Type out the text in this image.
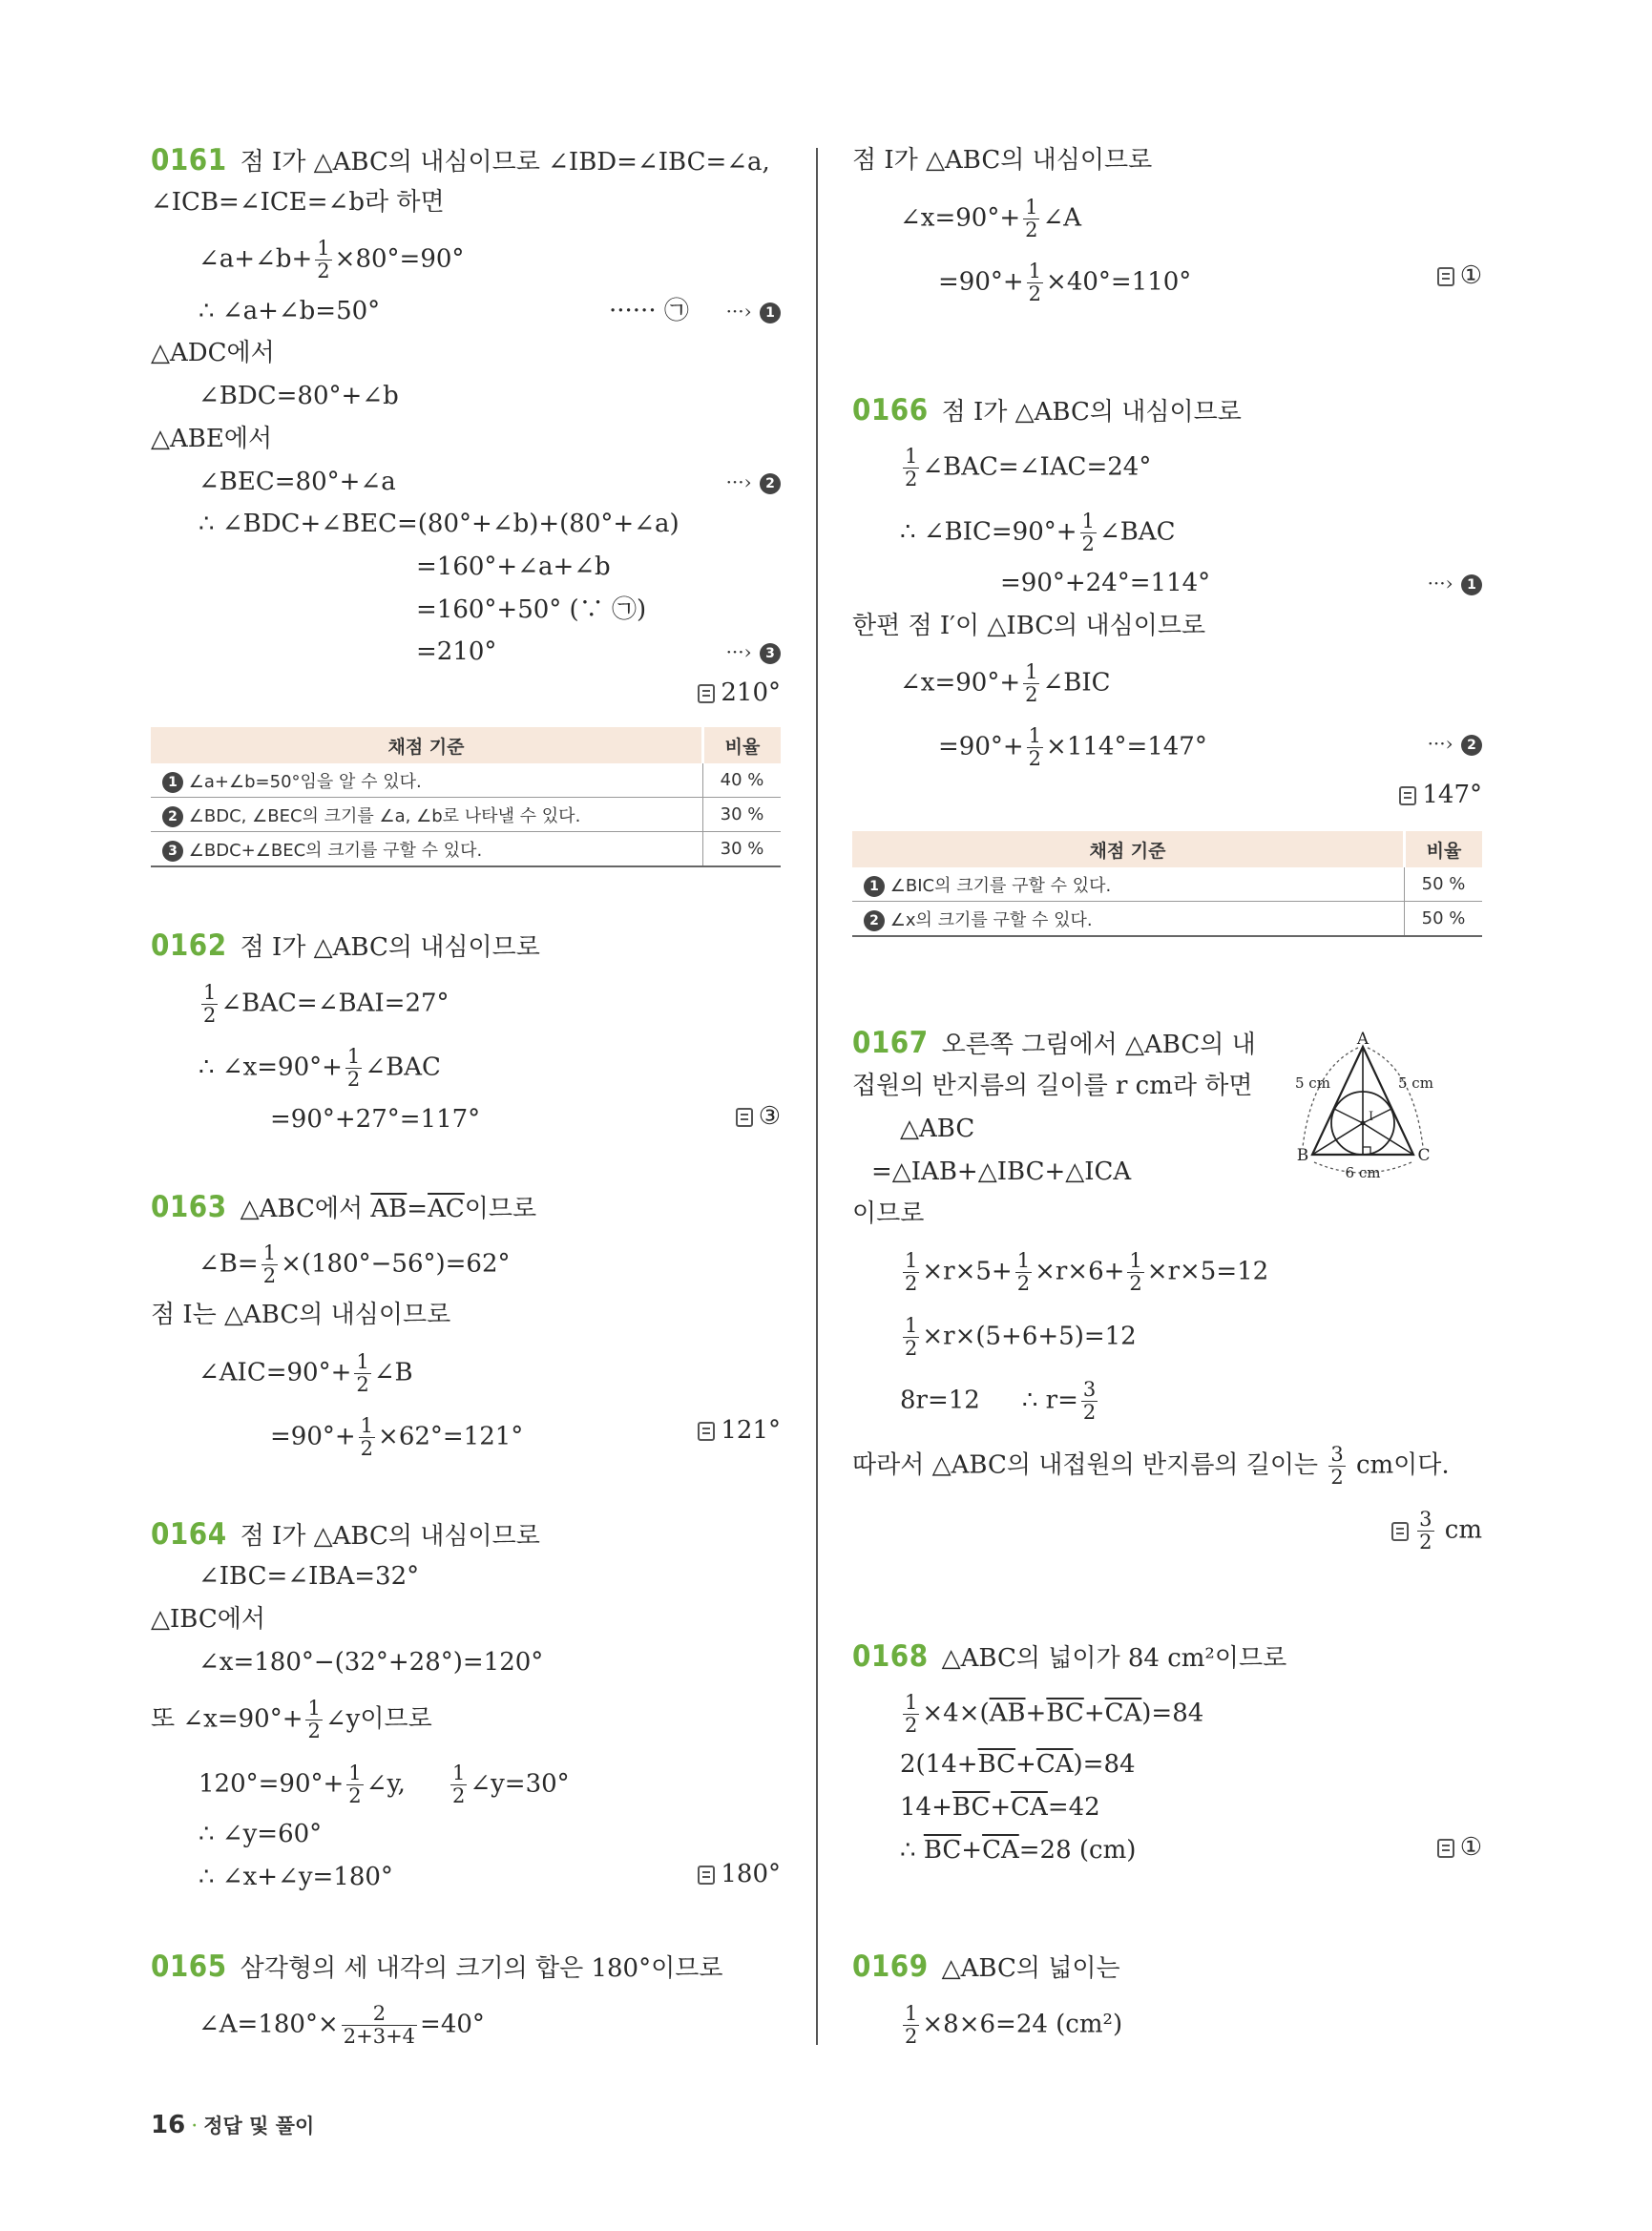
0161 점 I가 △ABC의 내심이므로 ∠IBD=∠IBC=∠a,
∠ICB=∠ICE=∠b라 하면
∠a+∠b+ $\frac{1}{2} \times 80^\circ=90^\circ$
∴ ∠a+∠b=50°	······ ㉠ ···› 1
△ADC에서
∠BDC=80°+∠b
△ABE에서
∠BEC=80°+∠a	···› 2
∴ ∠BDC+∠BEC=(80°+∠b)+(80°+∠a)
=160°+∠a+∠b
=160°+50° (∵ ㉠)
=210°	···› 3
210°
채점 기준	비율
1 ∠a+∠b=50°임을 알 수 있다.	40 %
2 ∠BDC, ∠BEC의 크기를 ∠a, ∠b로 나타낼 수 있다.	30 %
3 ∠BDC+∠BEC의 크기를 구할 수 있다.	30 %
0162 점 I가 △ABC의 내심이므로
$\frac{1}{2}$ ∠BAC=∠BAI=27°
∴ ∠x=90°+ $\frac{1}{2}$ ∠BAC
=90°+27°=117°	③
0163 △ABC에서 $\overline{AB}=\overline{AC}$이므로
∠B= $\frac{1}{2} \times(180^\circ-56^\circ)=62^\circ$
점 I는 △ABC의 내심이므로
∠AIC=90°+ $\frac{1}{2}$ ∠B
$=90^\circ+ \frac{1}{2} \times 62^\circ=121^\circ$	121°
0164 점 I가 △ABC의 내심이므로
∠IBC=∠IBA=32°
△IBC에서
∠x=180°−(32°+28°)=120°
또 ∠x=90°+ $\frac{1}{2}$ ∠y이므로
$120^\circ=90^\circ+ \frac{1}{2}$ ∠y, $\frac{1}{2}$ ∠y=30°
∴ ∠y=60°
∴ ∠x+∠y=180°	180°
0165 삼각형의 세 내각의 크기의 합은 180°이므로
∠A=180°× $\frac{2}{2+3+4} =40^\circ$
점 I가 △ABC의 내심이므로
∠x=90°+ $\frac{1}{2}$ ∠A
$=90^\circ+ \frac{1}{2} \times 40^\circ=110^\circ$	①
0166 점 I가 △ABC의 내심이므로
$\frac{1}{2}$ ∠BAC=∠IAC=24°
∴ ∠BIC=90°+ $\frac{1}{2}$ ∠BAC
=90°+24°=114°	···› 1
한편 점 I′이 △IBC의 내심이므로
∠x=90°+ $\frac{1}{2}$ ∠BIC
$=90^\circ+ \frac{1}{2} \times 114^\circ=147^\circ$	···› 2
147°
채점 기준	비율
1 ∠BIC의 크기를 구할 수 있다.	50 %
2 ∠x의 크기를 구할 수 있다.	50 %
0167 오른쪽 그림에서 △ABC의 내
접원의 반지름의 길이를 r cm라 하면
△ABC
=△IAB+△IBC+△ICA
이므로
$\frac{1}{2} \times r\times 5+ \frac{1}{2} \times r\times 6+ \frac{1}{2} \times r\times 5=12$
$\frac{1}{2} \times r\times(5+6+5)=12$
8r=12 ∴ $r= \frac{3}{2}$
따라서 △ABC의 내접원의 반지름의 길이는 $\frac{3}{2}$ cm이다.
$\frac{3}{2}$ cm
A
B	C
I
5 cm	5 cm
6 cm
0168 △ABC의 넓이가 84 cm²이므로
$\frac{1}{2} \times 4\times(\overline{AB}+\overline{BC}+\overline{CA})=84$
$2(14+\overline{BC}+\overline{CA})=84$
$14+\overline{BC}+\overline{CA}=42$
∴ $\overline{BC}+\overline{CA}=28$ (cm)	①
0169 △ABC의 넓이는
$\frac{1}{2} \times 8\times 6=24$ (cm²)
16 · 정답 및 풀이
